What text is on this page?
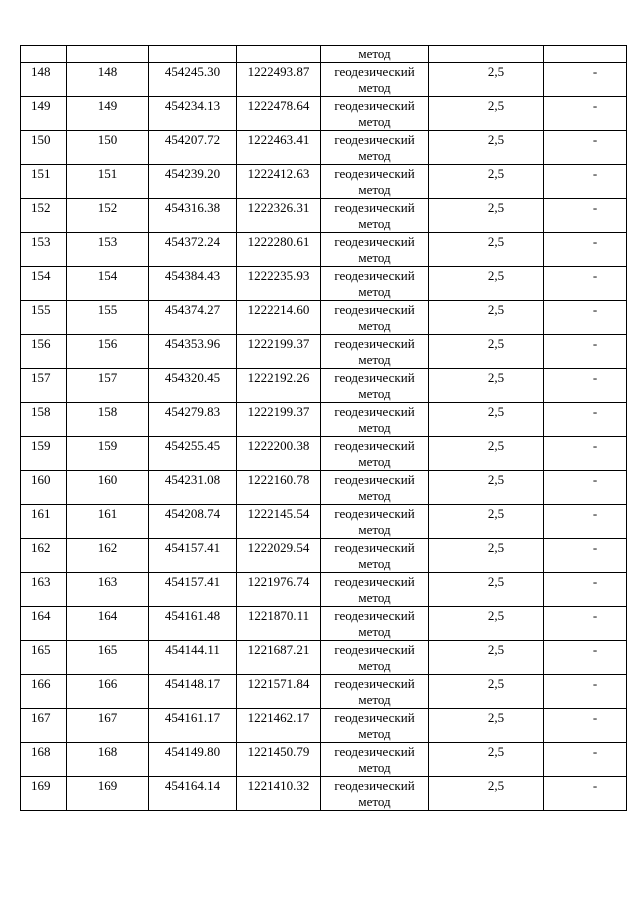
				метод		

148	148	454245.30	1222493.87	геодезический
метод	2,5	-

149	149	454234.13	1222478.64	геодезический
метод	2,5	-

150	150	454207.72	1222463.41	геодезический
метод	2,5	-

151	151	454239.20	1222412.63	геодезический
метод	2,5	-

152	152	454316.38	1222326.31	геодезический
метод	2,5	-

153	153	454372.24	1222280.61	геодезический
метод	2,5	-

154	154	454384.43	1222235.93	геодезический
метод	2,5	-

155	155	454374.27	1222214.60	геодезический
метод	2,5	-

156	156	454353.96	1222199.37	геодезический
метод	2,5	-

157	157	454320.45	1222192.26	геодезический
метод	2,5	-

158	158	454279.83	1222199.37	геодезический
метод	2,5	-

159	159	454255.45	1222200.38	геодезический
метод	2,5	-

160	160	454231.08	1222160.78	геодезический
метод	2,5	-

161	161	454208.74	1222145.54	геодезический
метод	2,5	-

162	162	454157.41	1222029.54	геодезический
метод	2,5	-

163	163	454157.41	1221976.74	геодезический
метод	2,5	-

164	164	454161.48	1221870.11	геодезический
метод	2,5	-

165	165	454144.11	1221687.21	геодезический
метод	2,5	-

166	166	454148.17	1221571.84	геодезический
метод	2,5	-

167	167	454161.17	1221462.17	геодезический
метод	2,5	-

168	168	454149.80	1221450.79	геодезический
метод	2,5	-

169	169	454164.14	1221410.32	геодезический
метод	2,5	-
